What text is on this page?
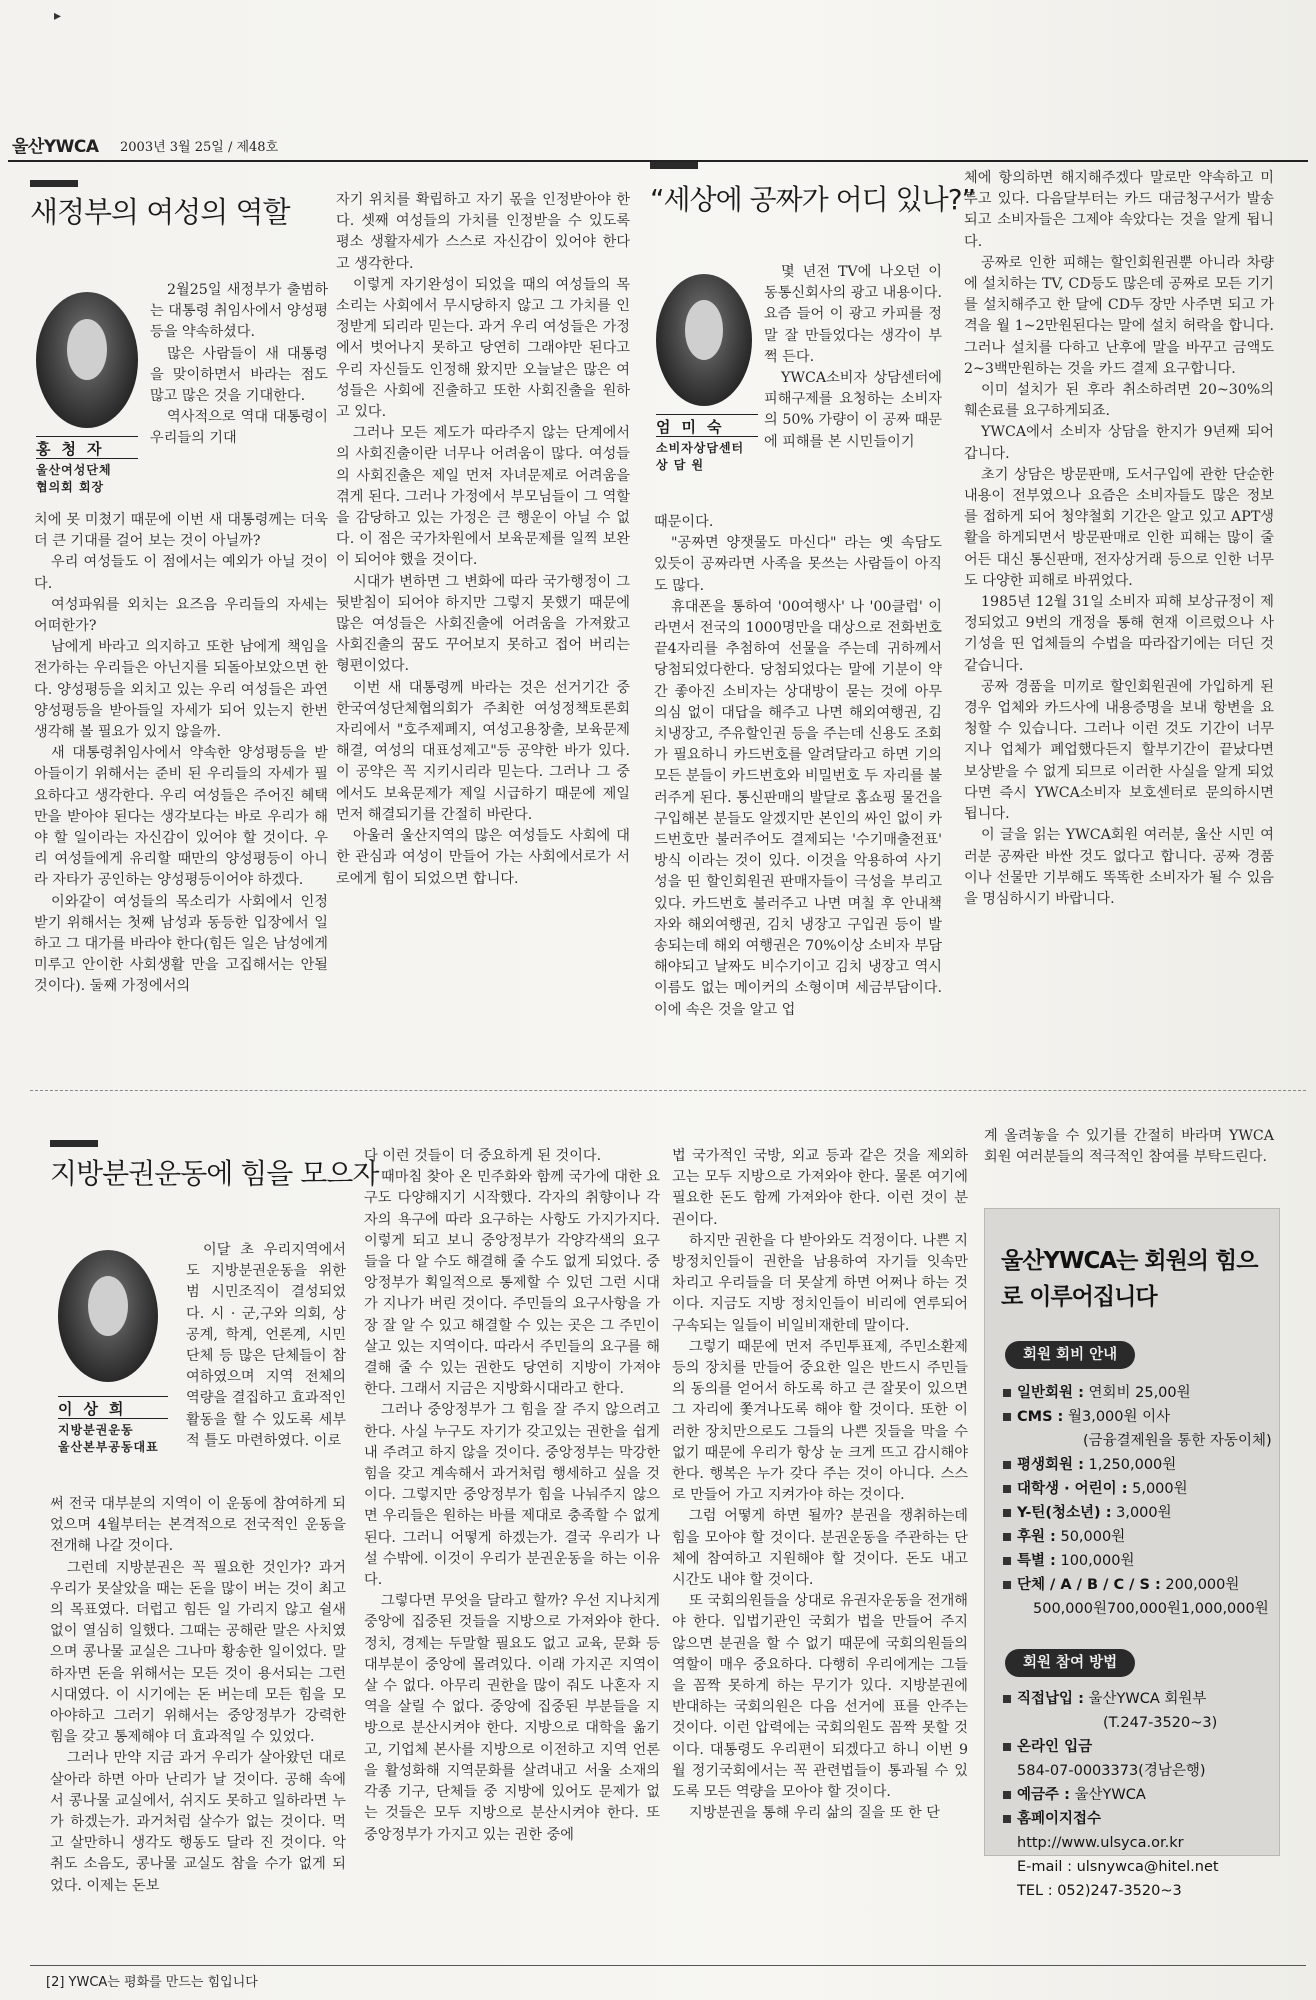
▸
울산YWCA 2003년 3월 25일 / 제48호
새정부의 여성의 역할
홍청자
울산여성단체
협의회 회장

2월25일 새정부가 출범하는 대통령 취임사에서 양성평등을 약속하셨다.

많은 사람들이 새 대통령을 맞이하면서 바라는 점도 많고 많은 것을 기대한다.

역사적으로 역대 대통령이 우리들의 기대

치에 못 미쳤기 때문에 이번 새 대통령께는 더욱 더 큰 기대를 걸어 보는 것이 아닐까?

우리 여성들도 이 점에서는 예외가 아닐 것이다.

여성파워를 외치는 요즈음 우리들의 자세는 어떠한가?

남에게 바라고 의지하고 또한 남에게 책임을 전가하는 우리들은 아닌지를 되돌아보았으면 한다. 양성평등을 외치고 있는 우리 여성들은 과연 양성평등을 받아들일 자세가 되어 있는지 한번 생각해 볼 필요가 있지 않을까.

새 대통령취임사에서 약속한 양성평등을 받아들이기 위해서는 준비 된 우리들의 자세가 필요하다고 생각한다. 우리 여성들은 주어진 혜택만을 받아야 된다는 생각보다는 바로 우리가 해야 할 일이라는 자신감이 있어야 할 것이다. 우리 여성들에게 유리할 때만의 양성평등이 아니라 자타가 공인하는 양성평등이어야 하겠다.

이와같이 여성들의 목소리가 사회에서 인정받기 위해서는 첫째 남성과 동등한 입장에서 일하고 그 대가를 바라야 한다(힘든 일은 남성에게 미루고 안이한 사회생활 만을 고집해서는 안될 것이다). 둘째 가정에서의

자기 위치를 확립하고 자기 몫을 인정받아야 한다. 셋째 여성들의 가치를 인정받을 수 있도록 평소 생활자세가 스스로 자신감이 있어야 한다고 생각한다.

이렇게 자기완성이 되었을 때의 여성들의 목소리는 사회에서 무시당하지 않고 그 가치를 인정받게 되리라 믿는다. 과거 우리 여성들은 가정에서 벗어나지 못하고 당연히 그래야만 된다고 우리 자신들도 인정해 왔지만 오늘날은 많은 여성들은 사회에 진출하고 또한 사회진출을 원하고 있다.

그러나 모든 제도가 따라주지 않는 단계에서의 사회진출이란 너무나 어려움이 많다. 여성들의 사회진출은 제일 먼저 자녀문제로 어려움을 겪게 된다. 그러나 가정에서 부모님들이 그 역할을 감당하고 있는 가정은 큰 행운이 아닐 수 없다. 이 점은 국가차원에서 보육문제를 일찍 보완이 되어야 했을 것이다.

시대가 변하면 그 변화에 따라 국가행정이 그 뒷받침이 되어야 하지만 그렇지 못했기 때문에 많은 여성들은 사회진출에 어려움을 가져왔고 사회진출의 꿈도 꾸어보지 못하고 접어 버리는 형편이었다.

이번 새 대통령께 바라는 것은 선거기간 중 한국여성단체협의회가 주최한 여성정책토론회 자리에서 "호주제폐지, 여성고용창출, 보육문제해결, 여성의 대표성제고"등 공약한 바가 있다. 이 공약은 꼭 지키시리라 믿는다. 그러나 그 중에서도 보육문제가 제일 시급하기 때문에 제일 먼저 해결되기를 간절히 바란다.

아울러 울산지역의 많은 여성들도 사회에 대한 관심과 여성이 만들어 가는 사회에서로가 서로에게 힘이 되었으면 합니다.

“세상에 공짜가 어디 있나?”
엄미숙
소비자상담센터
상 담 원

몇 년전 TV에 나오던 이동통신회사의 광고 내용이다. 요즘 들어 이 광고 카피를 정말 잘 만들었다는 생각이 부쩍 든다.

YWCA소비자 상담센터에 피해구제를 요청하는 소비자의 50% 가량이 이 공짜 때문에 피해를 본 시민들이기

때문이다.

"공짜면 양잿물도 마신다" 라는 옛 속담도 있듯이 공짜라면 사족을 못쓰는 사람들이 아직도 많다.

휴대폰을 통하여 '00여행사' 나 '00클럽' 이라면서 전국의 1000명만을 대상으로 전화번호 끝4자리를 추첨하여 선물을 주는데 귀하께서 당첨되었다한다. 당첨되었다는 말에 기분이 약간 좋아진 소비자는 상대방이 묻는 것에 아무 의심 없이 대답을 해주고 나면 해외여행권, 김치냉장고, 주유할인권 등을 주는데 신용도 조회가 필요하니 카드번호를 알려달라고 하면 기의 모든 분들이 카드번호와 비밀번호 두 자리를 불러주게 된다. 통신판매의 발달로 홈쇼핑 물건을 구입해본 분들도 알겠지만 본인의 싸인 없이 카드번호만 불러주어도 결제되는 '수기매출전표' 방식 이라는 것이 있다. 이것을 악용하여 사기성을 띤 할인회원권 판매자들이 극성을 부리고 있다. 카드번호 불러주고 나면 며칠 후 안내책자와 해외여행권, 김치 냉장고 구입권 등이 발송되는데 해외 여행권은 70%이상 소비자 부담해야되고 날짜도 비수기이고 김치 냉장고 역시 이름도 없는 메이커의 소형이며 세금부담이다. 이에 속은 것을 알고 업

체에 항의하면 해지해주겠다 말로만 약속하고 미루고 있다. 다음달부터는 카드 대금청구서가 발송되고 소비자들은 그제야 속았다는 것을 알게 됩니다.

공짜로 인한 피해는 할인회원권뿐 아니라 차량에 설치하는 TV, CD등도 많은데 공짜로 모든 기기를 설치해주고 한 달에 CD두 장만 사주면 되고 가격을 월 1~2만원된다는 말에 설치 허락을 합니다. 그러나 설치를 다하고 난후에 말을 바꾸고 금액도 2~3백만원하는 것을 카드 결제 요구합니다.

이미 설치가 된 후라 취소하려면 20~30%의 훼손료를 요구하게되죠.

YWCA에서 소비자 상담을 한지가 9년째 되어갑니다.

초기 상담은 방문판매, 도서구입에 관한 단순한 내용이 전부였으나 요즘은 소비자들도 많은 정보를 접하게 되어 청약철회 기간은 알고 있고 APT생활을 하게되면서 방문판매로 인한 피해는 많이 줄어든 대신 통신판매, 전자상거래 등으로 인한 너무도 다양한 피해로 바뀌었다.

1985년 12월 31일 소비자 피해 보상규정이 제정되었고 9번의 개정을 통해 현재 이르렀으나 사기성을 띤 업체들의 수법을 따라잡기에는 더딘 것 같습니다.

공짜 경품을 미끼로 할인회원권에 가입하게 된 경우 업체와 카드사에 내용증명을 보내 항변을 요청할 수 있습니다. 그러나 이런 것도 기간이 너무 지나 업체가 폐업했다든지 할부기간이 끝났다면 보상받을 수 없게 되므로 이러한 사실을 알게 되었다면 즉시 YWCA소비자 보호센터로 문의하시면 됩니다.

이 글을 읽는 YWCA회원 여러분, 울산 시민 여러분 공짜란 바싼 것도 없다고 합니다. 공짜 경품이나 선물만 기부해도 똑똑한 소비자가 될 수 있음을 명심하시기 바랍니다.

지방분권운동에 힘을 모으자
이상희
지방분권운동
울산본부공동대표

이달 초 우리지역에서도 지방분권운동을 위한 범 시민조직이 결성되었다. 시 · 군,구와 의회, 상공계, 학계, 언론계, 시민단체 등 많은 단체들이 참여하였으며 지역 전체의 역량을 결집하고 효과적인 활동을 할 수 있도록 세부적 틀도 마련하였다. 이로

써 전국 대부분의 지역이 이 운동에 참여하게 되었으며 4월부터는 본격적으로 전국적인 운동을 전개해 나갈 것이다.

그런데 지방분권은 꼭 필요한 것인가? 과거 우리가 못살았을 때는 돈을 많이 버는 것이 최고의 목표였다. 더럽고 힘든 일 가리지 않고 쉴새없이 열심히 일했다. 그때는 공해란 말은 사치였으며 콩나물 교실은 그나마 황송한 일이었다. 말하자면 돈을 위해서는 모든 것이 용서되는 그런 시대였다. 이 시기에는 돈 버는데 모든 힘을 모아야하고 그러기 위해서는 중앙정부가 강력한 힘을 갖고 통제해야 더 효과적일 수 있었다.

그러나 만약 지금 과거 우리가 살아왔던 대로 살아라 하면 아마 난리가 날 것이다. 공해 속에서 콩나물 교실에서, 쉬지도 못하고 일하라면 누가 하겠는가. 과거처럼 살수가 없는 것이다. 먹고 살만하니 생각도 행동도 달라 진 것이다. 악취도 소음도, 콩나물 교실도 참을 수가 없게 되었다. 이제는 돈보

다 이런 것들이 더 중요하게 된 것이다.

때마침 찾아 온 민주화와 함께 국가에 대한 요구도 다양해지기 시작했다. 각자의 취향이나 각자의 욕구에 따라 요구하는 사항도 가지가지다. 이렇게 되고 보니 중앙정부가 각양각색의 요구들을 다 알 수도 해결해 줄 수도 없게 되었다. 중앙정부가 획일적으로 통제할 수 있던 그런 시대가 지나가 버린 것이다. 주민들의 요구사항을 가장 잘 알 수 있고 해결할 수 있는 곳은 그 주민이 살고 있는 지역이다. 따라서 주민들의 요구를 해결해 줄 수 있는 권한도 당연히 지방이 가져야 한다. 그래서 지금은 지방화시대라고 한다.

그러나 중앙정부가 그 힘을 잘 주지 않으려고 한다. 사실 누구도 자기가 갖고있는 권한을 쉽게 내 주려고 하지 않을 것이다. 중앙정부는 막강한 힘을 갖고 계속해서 과거처럼 행세하고 싶을 것이다. 그렇지만 중앙정부가 힘을 나눠주지 않으면 우리들은 원하는 바를 제대로 충족할 수 없게 된다. 그러니 어떻게 하겠는가. 결국 우리가 나설 수밖에. 이것이 우리가 분권운동을 하는 이유다.

그렇다면 무엇을 달라고 할까? 우선 지나치게 중앙에 집중된 것들을 지방으로 가져와야 한다. 정치, 경제는 두말할 필요도 없고 교육, 문화 등 대부분이 중앙에 몰려있다. 이래 가지곤 지역이 살 수 없다. 아무리 권한을 많이 줘도 나혼자 지역을 살릴 수 없다. 중앙에 집중된 부분들을 지방으로 분산시켜야 한다. 지방으로 대학을 옮기고, 기업체 본사를 지방으로 이전하고 지역 언론을 활성화해 지역문화를 살려내고 서울 소재의 각종 기구, 단체들 중 지방에 있어도 문제가 없는 것들은 모두 지방으로 분산시켜야 한다. 또 중앙정부가 가지고 있는 권한 중에

법 국가적인 국방, 외교 등과 같은 것을 제외하고는 모두 지방으로 가져와야 한다. 물론 여기에 필요한 돈도 함께 가져와야 한다. 이런 것이 분권이다.

하지만 권한을 다 받아와도 걱정이다. 나쁜 지방정치인들이 권한을 남용하여 자기들 잇속만 차리고 우리들을 더 못살게 하면 어쩌나 하는 것이다. 지금도 지방 정치인들이 비리에 연루되어 구속되는 일들이 비일비재한데 말이다.

그렇기 때문에 먼저 주민투표제, 주민소환제 등의 장치를 만들어 중요한 일은 반드시 주민들의 동의를 얻어서 하도록 하고 큰 잘못이 있으면 그 자리에 쫓겨나도록 해야 할 것이다. 또한 이러한 장치만으로도 그들의 나쁜 짓들을 막을 수 없기 때문에 우리가 항상 눈 크게 뜨고 감시해야 한다. 행복은 누가 갖다 주는 것이 아니다. 스스로 만들어 가고 지켜가야 하는 것이다.

그럼 어떻게 하면 될까? 분권을 쟁취하는데 힘을 모아야 할 것이다. 분권운동을 주관하는 단체에 참여하고 지원해야 할 것이다. 돈도 내고 시간도 내야 할 것이다.

또 국회의원들을 상대로 유권자운동을 전개해야 한다. 입법기관인 국회가 법을 만들어 주지 않으면 분권을 할 수 없기 때문에 국회의원들의 역할이 매우 중요하다. 다행히 우리에게는 그들을 꼼짝 못하게 하는 무기가 있다. 지방분권에 반대하는 국회의원은 다음 선거에 표를 안주는 것이다. 이런 압력에는 국회의원도 꼼짝 못할 것이다. 대통령도 우리편이 되겠다고 하니 이번 9월 정기국회에서는 꼭 관련법들이 통과될 수 있도록 모든 역량을 모아야 할 것이다.

지방분권을 통해 우리 삶의 질을 또 한 단

계 올려놓을 수 있기를 간절히 바라며 YWCA회원 여러분들의 적극적인 참여를 부탁드린다.

울산YWCA는 회원의 힘으로 이루어집니다
회원 회비 안내
일반회원 : 연회비 25,00원
CMS : 월3,000원 이사
(금융결제원을 통한 자동이체)
평생회원 : 1,250,000원
대학생 · 어린이 : 5,000원
Y-틴(청소년) : 3,000원
후원 : 50,000원
특별 : 100,000원
단체 / A / B / C / S : 200,000원
500,000원700,000원1,000,000원
회원 참여 방법
직접납입 : 울산YWCA 회원부
(T.247-3520~3)
온라인 입금
584-07-0003373(경남은행)
예금주 : 울산YWCA
홈페이지접수
http://www.ulsyca.or.kr
E-mail : ulsnywca@hitel.net
TEL : 052)247-3520~3
[2] YWCA는 평화를 만드는 힘입니다
